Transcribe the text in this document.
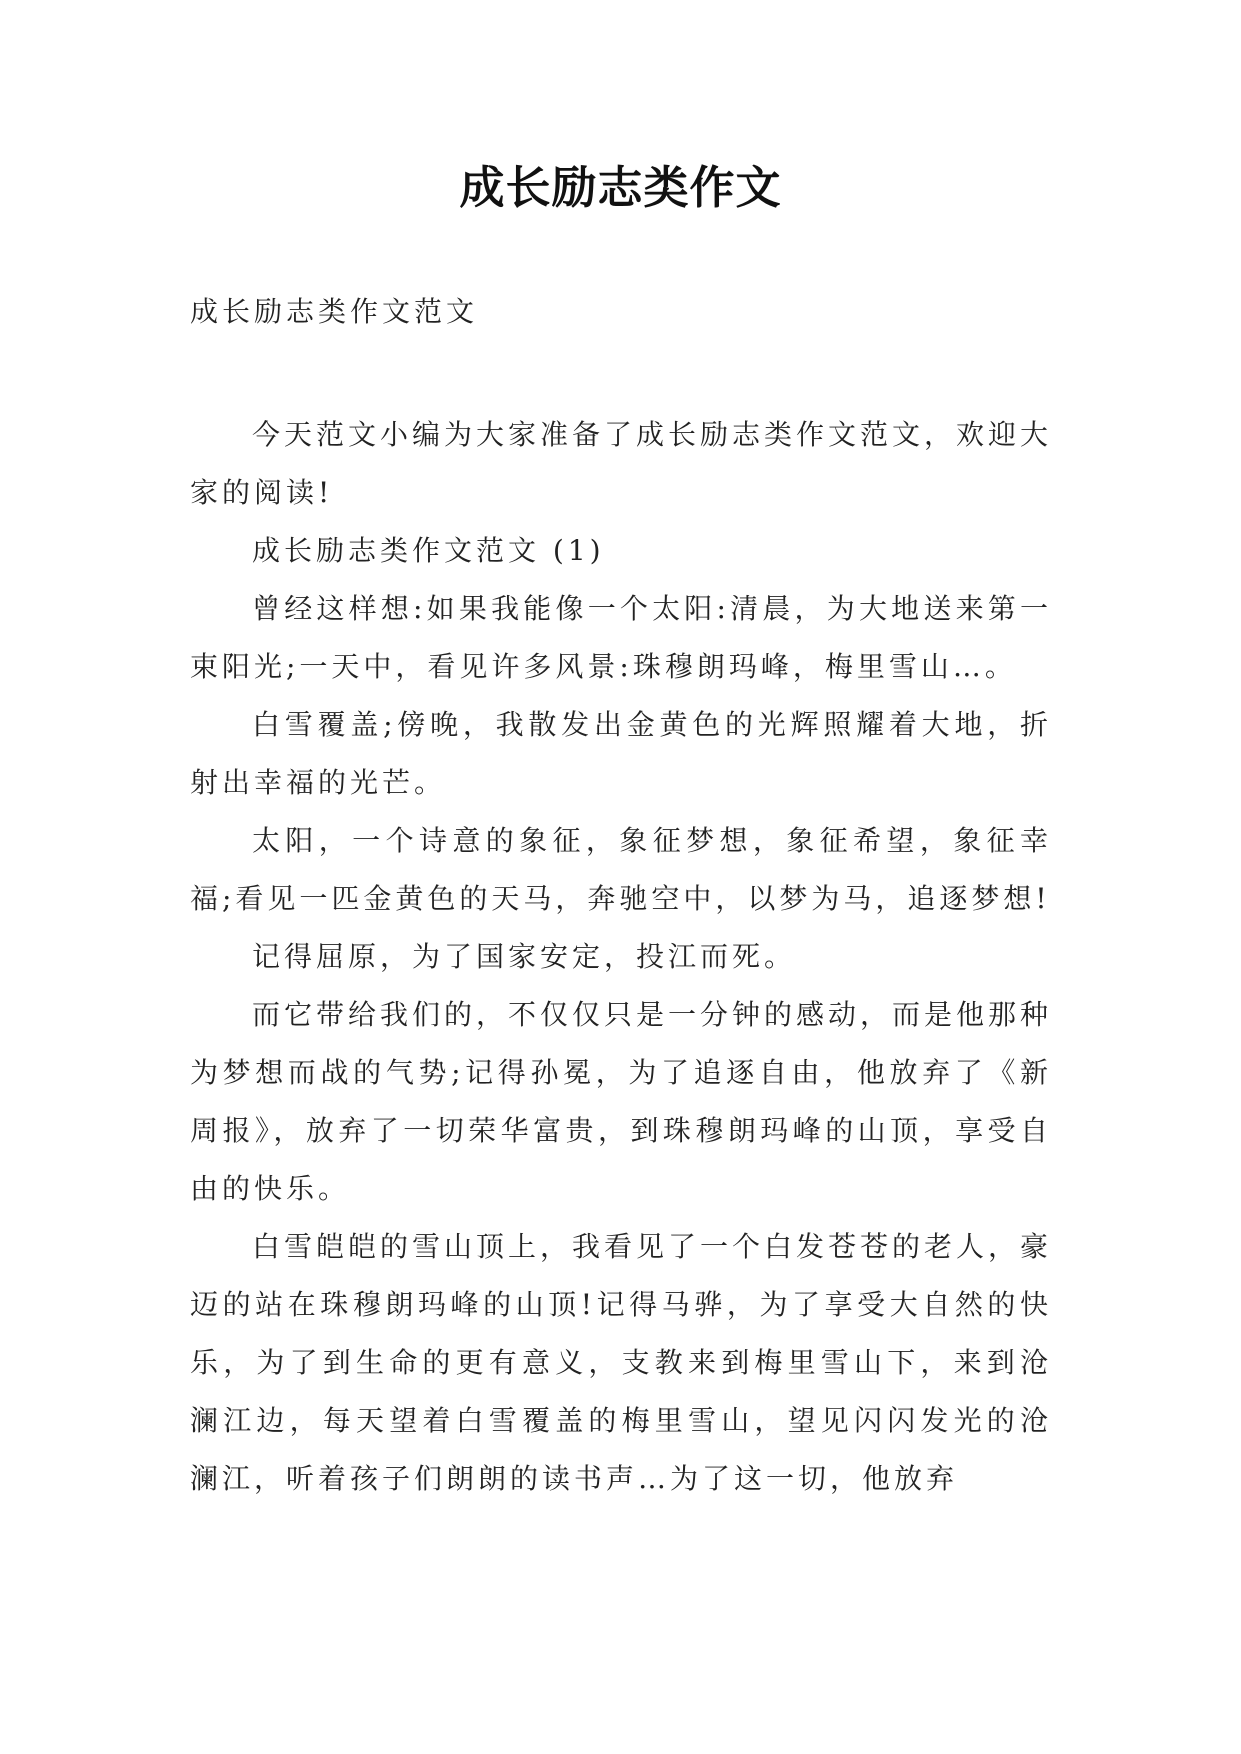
成长励志类作文

成长励志类作文范文

今天范文小编为大家准备了成长励志类作文范文，欢迎大家的阅读!

成长励志类作文范文 (1)

曾经这样想:如果我能像一个太阳:清晨，为大地送来第一束阳光;一天中，看见许多风景:珠穆朗玛峰，梅里雪山…。

白雪覆盖;傍晚，我散发出金黄色的光辉照耀着大地，折射出幸福的光芒。

太阳，一个诗意的象征，象征梦想，象征希望，象征幸福;看见一匹金黄色的天马，奔驰空中，以梦为马，追逐梦想!

记得屈原，为了国家安定，投江而死。

而它带给我们的，不仅仅只是一分钟的感动，而是他那种为梦想而战的气势;记得孙冕，为了追逐自由，他放弃了《新周报》，放弃了一切荣华富贵，到珠穆朗玛峰的山顶，享受自由的快乐。

白雪皑皑的雪山顶上，我看见了一个白发苍苍的老人，豪迈的站在珠穆朗玛峰的山顶!记得马骅，为了享受大自然的快乐，为了到生命的更有意义，支教来到梅里雪山下，来到沧澜江边，每天望着白雪覆盖的梅里雪山，望见闪闪发光的沧澜江，听着孩子们朗朗的读书声…为了这一切，他放弃
